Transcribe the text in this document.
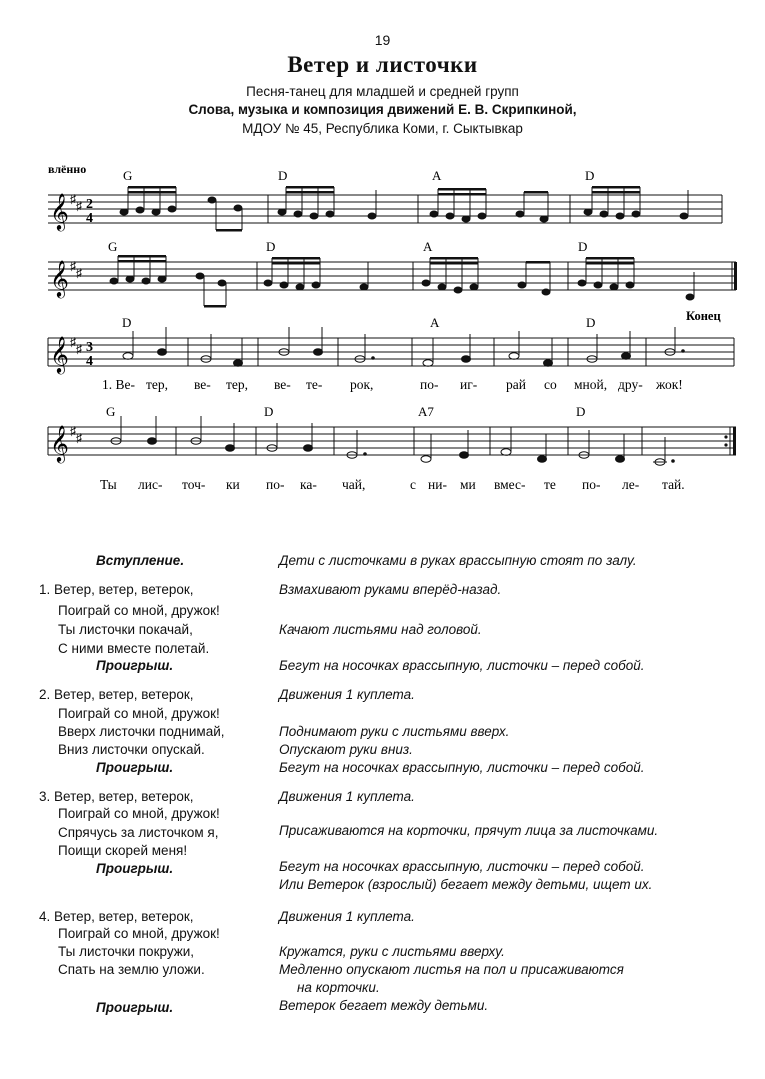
19
Ветер и листочки
Песня-танец для младшей и средней групп
Слова, музыка и композиция движений Е. В. Скрипкиной,
МДОУ № 45, Республика Коми, г. Сыктывкар
влённо
𝄞 ♯ ♯ 2
4
G	D	A	D
𝄞 ♯ ♯
G	D	A	D
Конец
𝄞 ♯ ♯ 3
4
D	A	D
1. Ве- тер, ве- тер, ве- те- рок,	по- иг- рай со мной, дру- жок!
𝄞 ♯ ♯
G	D	A7	D
Ты лис- точ- ки по- ка- чай,	с ни- ми вмес- те по- ле- тай.
Вступление.	Дети с листочками в руках врассыпную стоят по залу.
1. Ветер, ветер, ветерок,	Взмахивают руками вперёд-назад.
Поиграй со мной, дружок!
Ты листочки покачай,	Качают листьями над головой.
С ними вместе полетай.
Проигрыш.	Бегут на носочках врассыпную, листочки – перед собой.
2. Ветер, ветер, ветерок,	Движения 1 куплета.
Поиграй со мной, дружок!
Вверх листочки поднимай,	Поднимают руки с листьями вверх.
Вниз листочки опускай.	Опускают руки вниз.
Проигрыш.	Бегут на носочках врассыпную, листочки – перед собой.
3. Ветер, ветер, ветерок,	Движения 1 куплета.
Поиграй со мной, дружок!
Спрячусь за листочком я,	Присаживаются на корточки, прячут лица за листочками.
Поищи скорей меня!
Проигрыш.	Бегут на носочках врассыпную, листочки – перед собой.
Или Ветерок (взрослый) бегает между детьми, ищет их.
4. Ветер, ветер, ветерок,	Движения 1 куплета.
Поиграй со мной, дружок!
Ты листочки покружи,	Кружатся, руки с листьями вверху.
Спать на землю уложи.	Медленно опускают листья на пол и присаживаются
на корточки.
Проигрыш.	Ветерок бегает между детьми.
